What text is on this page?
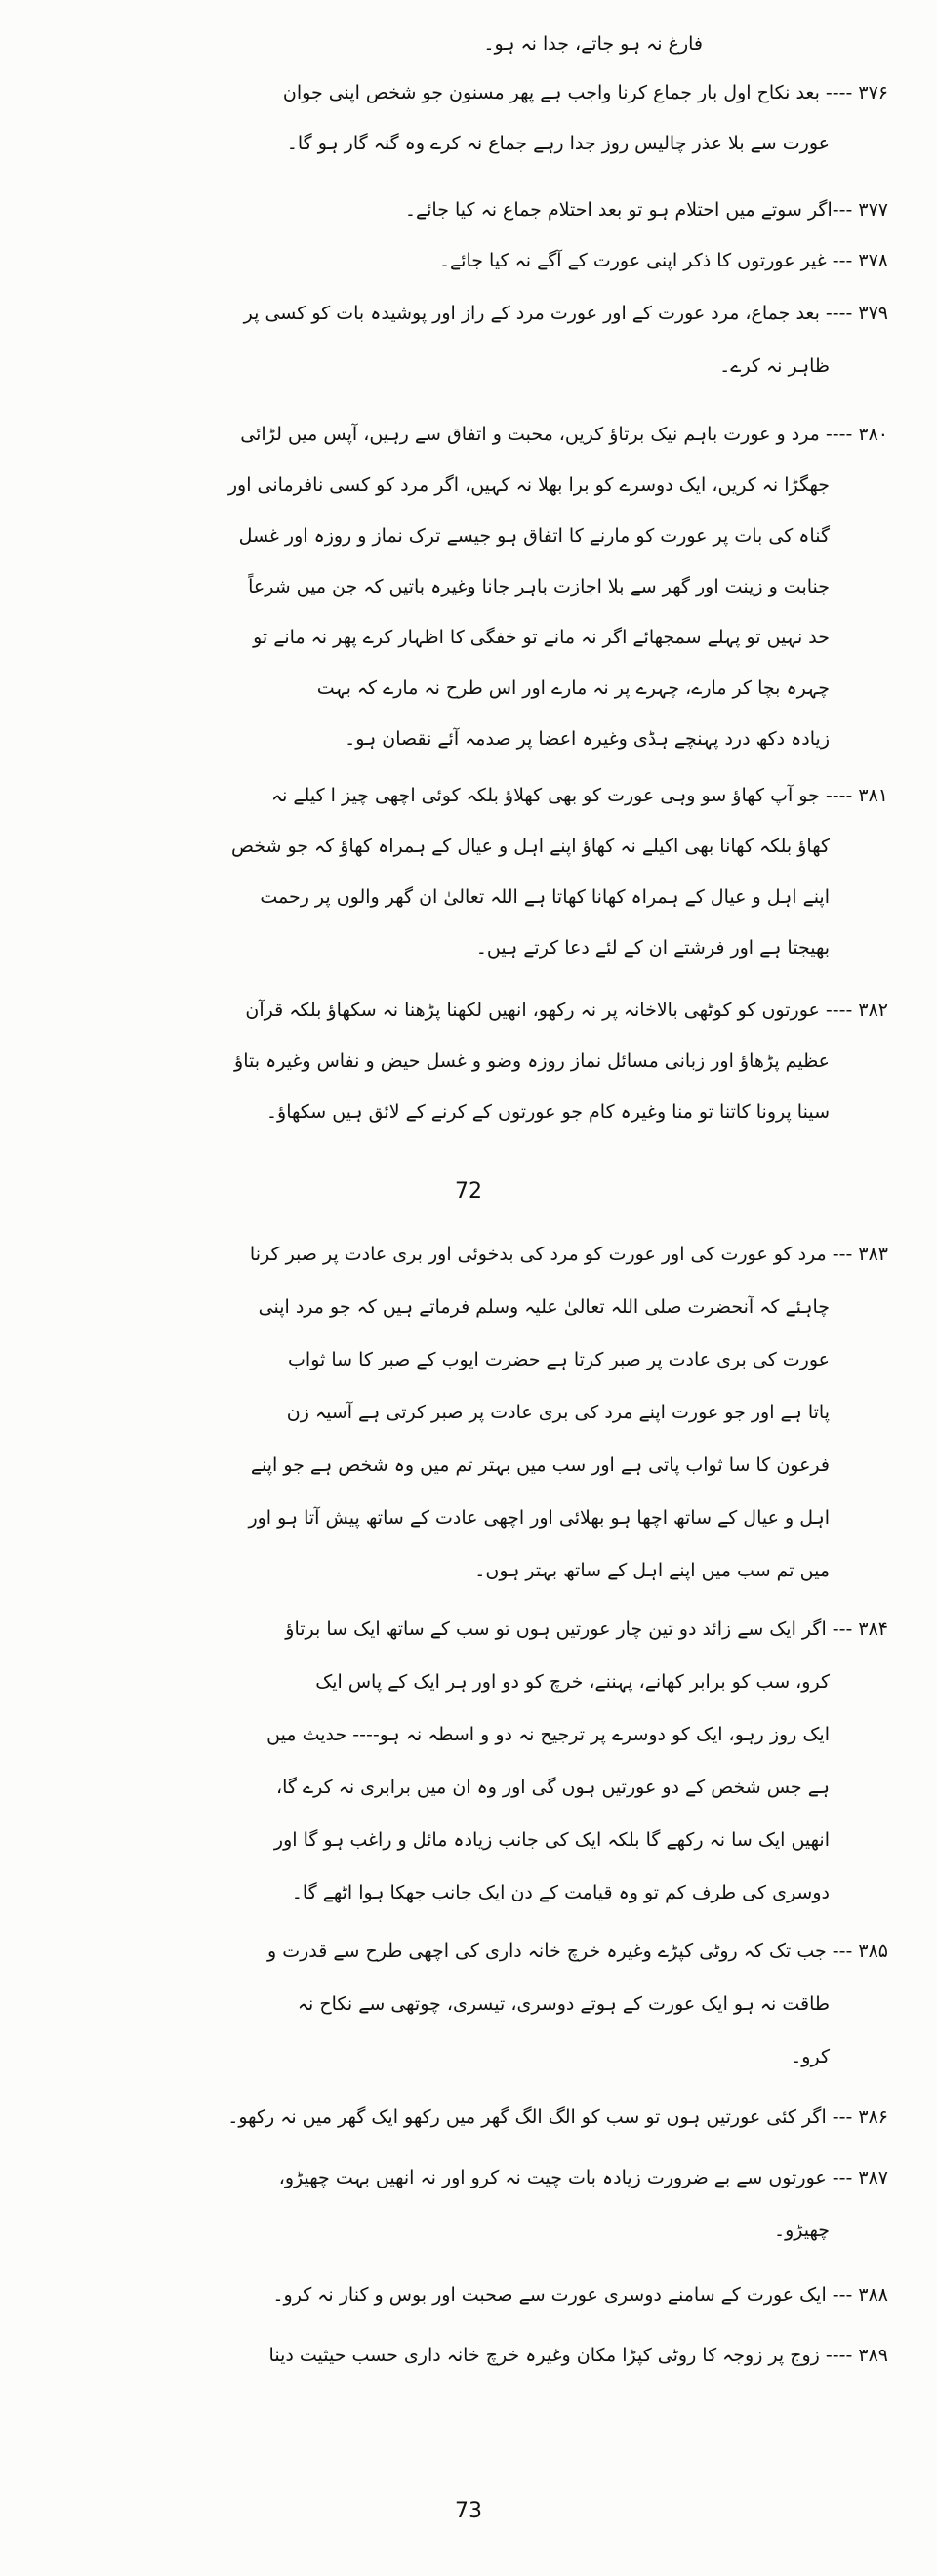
فارغ نہ ہو جاتے، جدا نہ ہو۔
۳۷۶ ---- بعد نکاح اول بار جماع کرنا واجب ہے پھر مسنون جو شخص اپنی جوان
عورت سے بلا عذر چالیس روز جدا رہے جماع نہ کرے وہ گنہ گار ہو گا۔
۳۷۷ ---اگر سوتے میں احتلام ہو تو بعد احتلام جماع نہ کیا جائے۔
۳۷۸ --- غیر عورتوں کا ذکر اپنی عورت کے آگے نہ کیا جائے۔
۳۷۹ ---- بعد جماع، مرد عورت کے اور عورت مرد کے راز اور پوشیدہ بات کو کسی پر
ظاہر نہ کرے۔
۳۸۰ ---- مرد و عورت باہم نیک برتاؤ کریں، محبت و اتفاق سے رہیں، آپس میں لڑائی
جھگڑا نہ کریں، ایک دوسرے کو برا بھلا نہ کہیں، اگر مرد کو کسی نافرمانی اور
گناہ کی بات پر عورت کو مارنے کا اتفاق ہو جیسے ترک نماز و روزہ اور غسل
جنابت و زینت اور گھر سے بلا اجازت باہر جانا وغیرہ باتیں کہ جن میں شرعاً
حد نہیں تو پہلے سمجھائے اگر نہ مانے تو خفگی کا اظہار کرے پھر نہ مانے تو
چہرہ بچا کر مارے، چہرے پر نہ مارے اور اس طرح نہ مارے کہ بہت
زیادہ دکھ درد پہنچے ہڈی وغیرہ اعضا پر صدمہ آئے نقصان ہو۔
۳۸۱ ---- جو آپ کھاؤ سو وہی عورت کو بھی کھلاؤ بلکہ کوئی اچھی چیز ا کیلے نہ
کھاؤ بلکہ کھانا بھی اکیلے نہ کھاؤ اپنے اہل و عیال کے ہمراہ کھاؤ کہ جو شخص
اپنے اہل و عیال کے ہمراہ کھانا کھاتا ہے اللہ تعالیٰ ان گھر والوں پر رحمت
بھیجتا ہے اور فرشتے ان کے لئے دعا کرتے ہیں۔
۳۸۲ ---- عورتوں کو کوٹھی بالاخانہ پر نہ رکھو، انھیں لکھنا پڑھنا نہ سکھاؤ بلکہ قرآن
عظیم پڑھاؤ اور زبانی مسائل نماز روزہ وضو و غسل حیض و نفاس وغیرہ بتاؤ
سینا پرونا کاتنا تو منا وغیرہ کام جو عورتوں کے کرنے کے لائق ہیں سکھاؤ۔
72
۳۸۳ --- مرد کو عورت کی اور عورت کو مرد کی بدخوئی اور بری عادت پر صبر کرنا
چاہئے کہ آنحضرت صلی اللہ تعالیٰ علیہ وسلم فرماتے ہیں کہ جو مرد اپنی
عورت کی بری عادت پر صبر کرتا ہے حضرت ایوب کے صبر کا سا ثواب
پاتا ہے اور جو عورت اپنے مرد کی بری عادت پر صبر کرتی ہے آسیہ زن
فرعون کا سا ثواب پاتی ہے اور سب میں بہتر تم میں وہ شخص ہے جو اپنے
اہل و عیال کے ساتھ اچھا ہو بھلائی اور اچھی عادت کے ساتھ پیش آتا ہو اور
میں تم سب میں اپنے اہل کے ساتھ بہتر ہوں۔
۳۸۴ --- اگر ایک سے زائد دو تین چار عورتیں ہوں تو سب کے ساتھ ایک سا برتاؤ
کرو، سب کو برابر کھانے، پہننے، خرچ کو دو اور ہر ایک کے پاس ایک
ایک روز رہو، ایک کو دوسرے پر ترجیح نہ دو و اسطہ نہ ہو---- حدیث میں
ہے جس شخص کے دو عورتیں ہوں گی اور وہ ان میں برابری نہ کرے گا،
انھیں ایک سا نہ رکھے گا بلکہ ایک کی جانب زیادہ مائل و راغب ہو گا اور
دوسری کی طرف کم تو وہ قیامت کے دن ایک جانب جھکا ہوا اٹھے گا۔
۳۸۵ --- جب تک کہ روٹی کپڑے وغیرہ خرچ خانہ داری کی اچھی طرح سے قدرت و
طاقت نہ ہو ایک عورت کے ہوتے دوسری، تیسری، چوتھی سے نکاح نہ
کرو۔
۳۸۶ --- اگر کئی عورتیں ہوں تو سب کو الگ الگ گھر میں رکھو ایک گھر میں نہ رکھو۔
۳۸۷ --- عورتوں سے بے ضرورت زیادہ بات چیت نہ کرو اور نہ انھیں بہت چھیڑو،
چھیڑو۔
۳۸۸ --- ایک عورت کے سامنے دوسری عورت سے صحبت اور بوس و کنار نہ کرو۔
۳۸۹ ---- زوج پر زوجہ کا روٹی کپڑا مکان وغیرہ خرچ خانہ داری حسب حیثیت دینا
73
